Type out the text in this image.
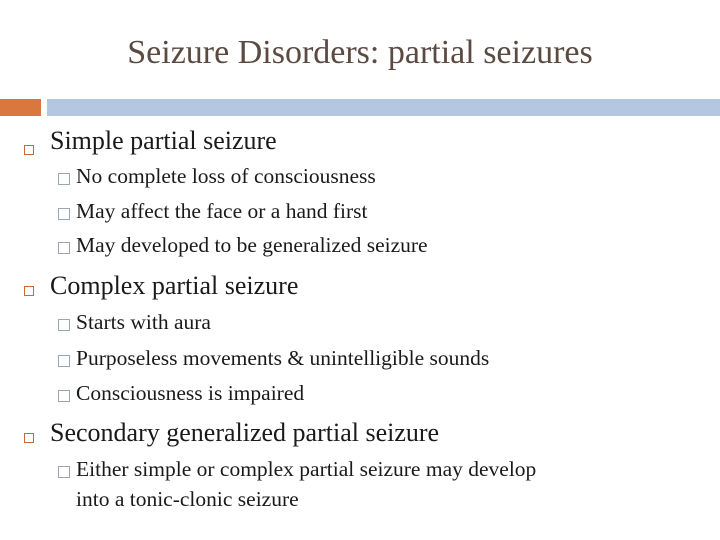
Seizure Disorders: partial seizures
Simple partial seizure
No complete loss of consciousness
May affect the face or a hand first
May developed to be generalized seizure
Complex partial seizure
Starts with aura
Purposeless movements & unintelligible sounds
Consciousness is impaired
Secondary generalized partial seizure
Either simple or complex partial seizure may develop
into a tonic-clonic seizure
